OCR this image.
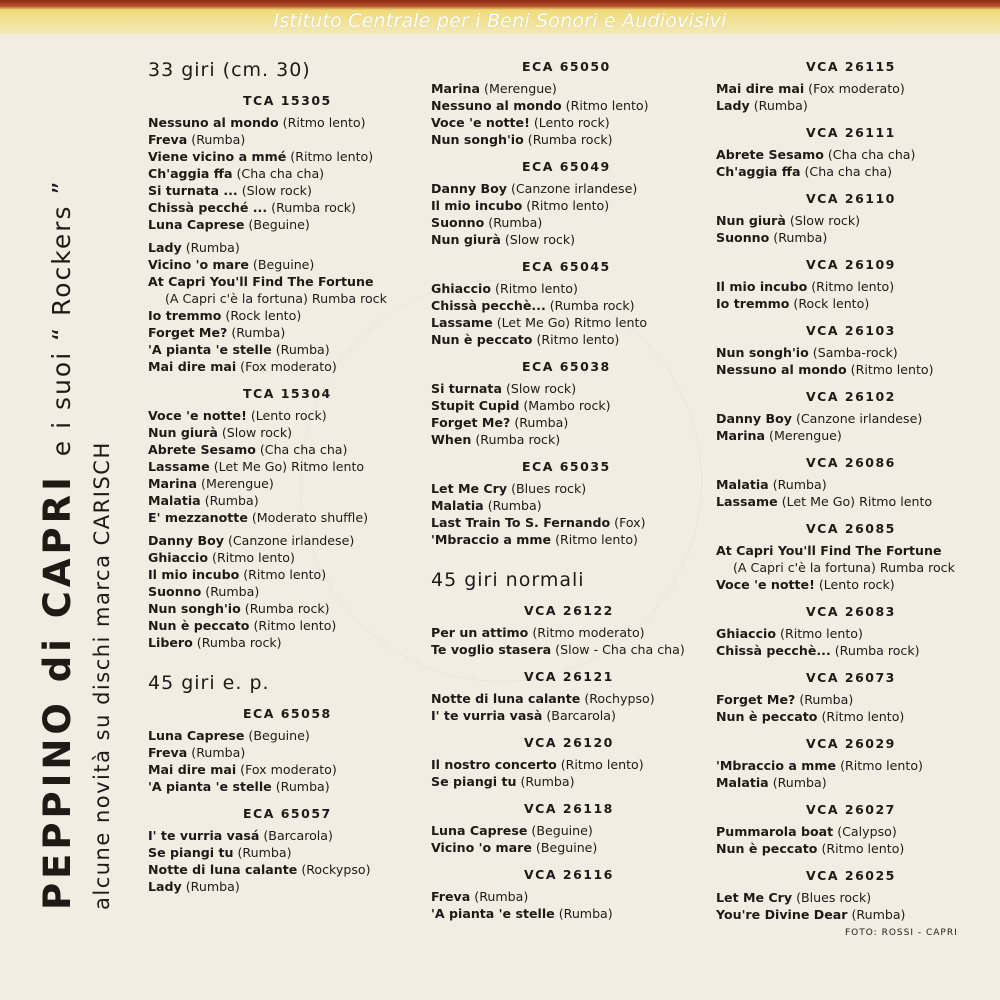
Istituto Centrale per i Beni Sonori e Audiovisivi
PEPPINO di CAPRI e i suoi “ Rockers ”
alcune novità su dischi marca CARISCH
33 giri (cm. 30)
TCA 15305
Nessuno al mondo (Ritmo lento)
Freva (Rumba)
Viene vicino a mmé (Ritmo lento)
Ch'aggia ffa (Cha cha cha)
Si turnata ... (Slow rock)
Chissà pecché ... (Rumba rock)
Luna Caprese (Beguine)
Lady (Rumba)
Vicino 'o mare (Beguine)
At Capri You'll Find The Fortune
(A Capri c'è la fortuna) Rumba rock
Io tremmo (Rock lento)
Forget Me? (Rumba)
'A pianta 'e stelle (Rumba)
Mai dire mai (Fox moderato)
TCA 15304
Voce 'e notte! (Lento rock)
Nun giurà (Slow rock)
Abrete Sesamo (Cha cha cha)
Lassame (Let Me Go) Ritmo lento
Marina (Merengue)
Malatia (Rumba)
E' mezzanotte (Moderato shuffle)
Danny Boy (Canzone irlandese)
Ghiaccio (Ritmo lento)
Il mio incubo (Ritmo lento)
Suonno (Rumba)
Nun songh'io (Rumba rock)
Nun è peccato (Ritmo lento)
Libero (Rumba rock)
45 giri e. p.
ECA 65058
Luna Caprese (Beguine)
Freva (Rumba)
Mai dire mai (Fox moderato)
'A pianta 'e stelle (Rumba)
ECA 65057
I' te vurria vasá (Barcarola)
Se piangi tu (Rumba)
Notte di luna calante (Rockypso)
Lady (Rumba)
ECA 65050
Marina (Merengue)
Nessuno al mondo (Ritmo lento)
Voce 'e notte! (Lento rock)
Nun songh'io (Rumba rock)
ECA 65049
Danny Boy (Canzone irlandese)
Il mio incubo (Ritmo lento)
Suonno (Rumba)
Nun giurà (Slow rock)
ECA 65045
Ghiaccio (Ritmo lento)
Chissà pecchè... (Rumba rock)
Lassame (Let Me Go) Ritmo lento
Nun è peccato (Ritmo lento)
ECA 65038
Si turnata (Slow rock)
Stupit Cupid (Mambo rock)
Forget Me? (Rumba)
When (Rumba rock)
ECA 65035
Let Me Cry (Blues rock)
Malatia (Rumba)
Last Train To S. Fernando (Fox)
'Mbraccio a mme (Ritmo lento)
45 giri normali
VCA 26122
Per un attimo (Ritmo moderato)
Te voglio stasera (Slow - Cha cha cha)
VCA 26121
Notte di luna calante (Rochypso)
I' te vurria vasà (Barcarola)
VCA 26120
Il nostro concerto (Ritmo lento)
Se piangi tu (Rumba)
VCA 26118
Luna Caprese (Beguine)
Vicino 'o mare (Beguine)
VCA 26116
Freva (Rumba)
'A pianta 'e stelle (Rumba)
VCA 26115
Mai dire mai (Fox moderato)
Lady (Rumba)
VCA 26111
Abrete Sesamo (Cha cha cha)
Ch'aggia ffa (Cha cha cha)
VCA 26110
Nun giurà (Slow rock)
Suonno (Rumba)
VCA 26109
Il mio incubo (Ritmo lento)
Io tremmo (Rock lento)
VCA 26103
Nun songh'io (Samba-rock)
Nessuno al mondo (Ritmo lento)
VCA 26102
Danny Boy (Canzone irlandese)
Marina (Merengue)
VCA 26086
Malatia (Rumba)
Lassame (Let Me Go) Ritmo lento
VCA 26085
At Capri You'll Find The Fortune
(A Capri c'è la fortuna) Rumba rock
Voce 'e notte! (Lento rock)
VCA 26083
Ghiaccio (Ritmo lento)
Chissà pecchè... (Rumba rock)
VCA 26073
Forget Me? (Rumba)
Nun è peccato (Ritmo lento)
VCA 26029
'Mbraccio a mme (Ritmo lento)
Malatia (Rumba)
VCA 26027
Pummarola boat (Calypso)
Nun è peccato (Ritmo lento)
VCA 26025
Let Me Cry (Blues rock)
You're Divine Dear (Rumba)
FOTO: ROSSI - CAPRI
